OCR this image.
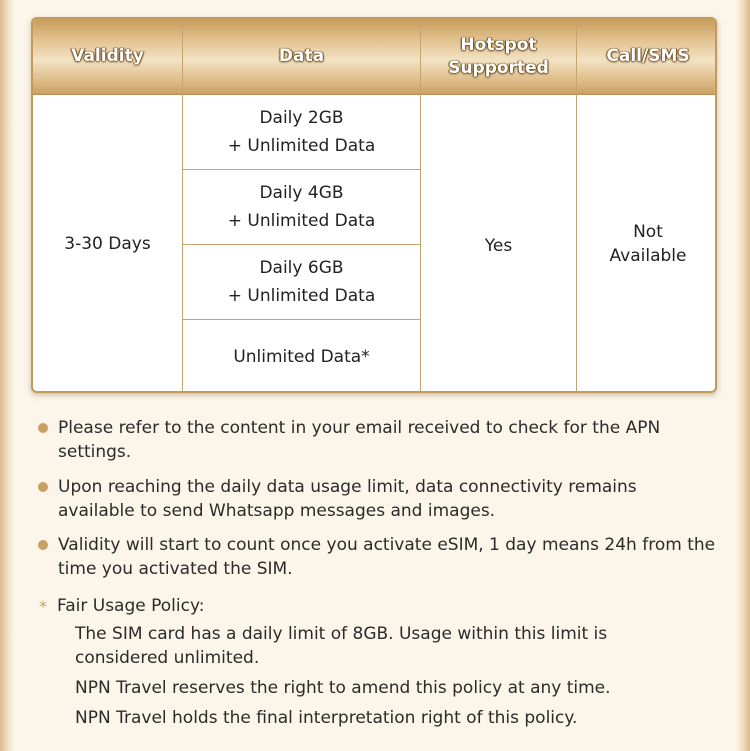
Validity	Data
Hotspot
Supported
Call/SMS
3-30 Days
Daily 2GB
+ Unlimited Data
Daily 4GB
+ Unlimited Data
Daily 6GB
+ Unlimited Data
Unlimited Data*
Yes
Not
Available
Please refer to the content in your email received to check for the APN settings.
Upon reaching the daily data usage limit, data connectivity remains available to send Whatsapp messages and images.
Validity will start to count once you activate eSIM, 1 day means 24h from the time you activated the SIM.
* Fair Usage Policy:
The SIM card has a daily limit of 8GB. Usage within this limit is considered unlimited.
NPN Travel reserves the right to amend this policy at any time.
NPN Travel holds the final interpretation right of this policy.
